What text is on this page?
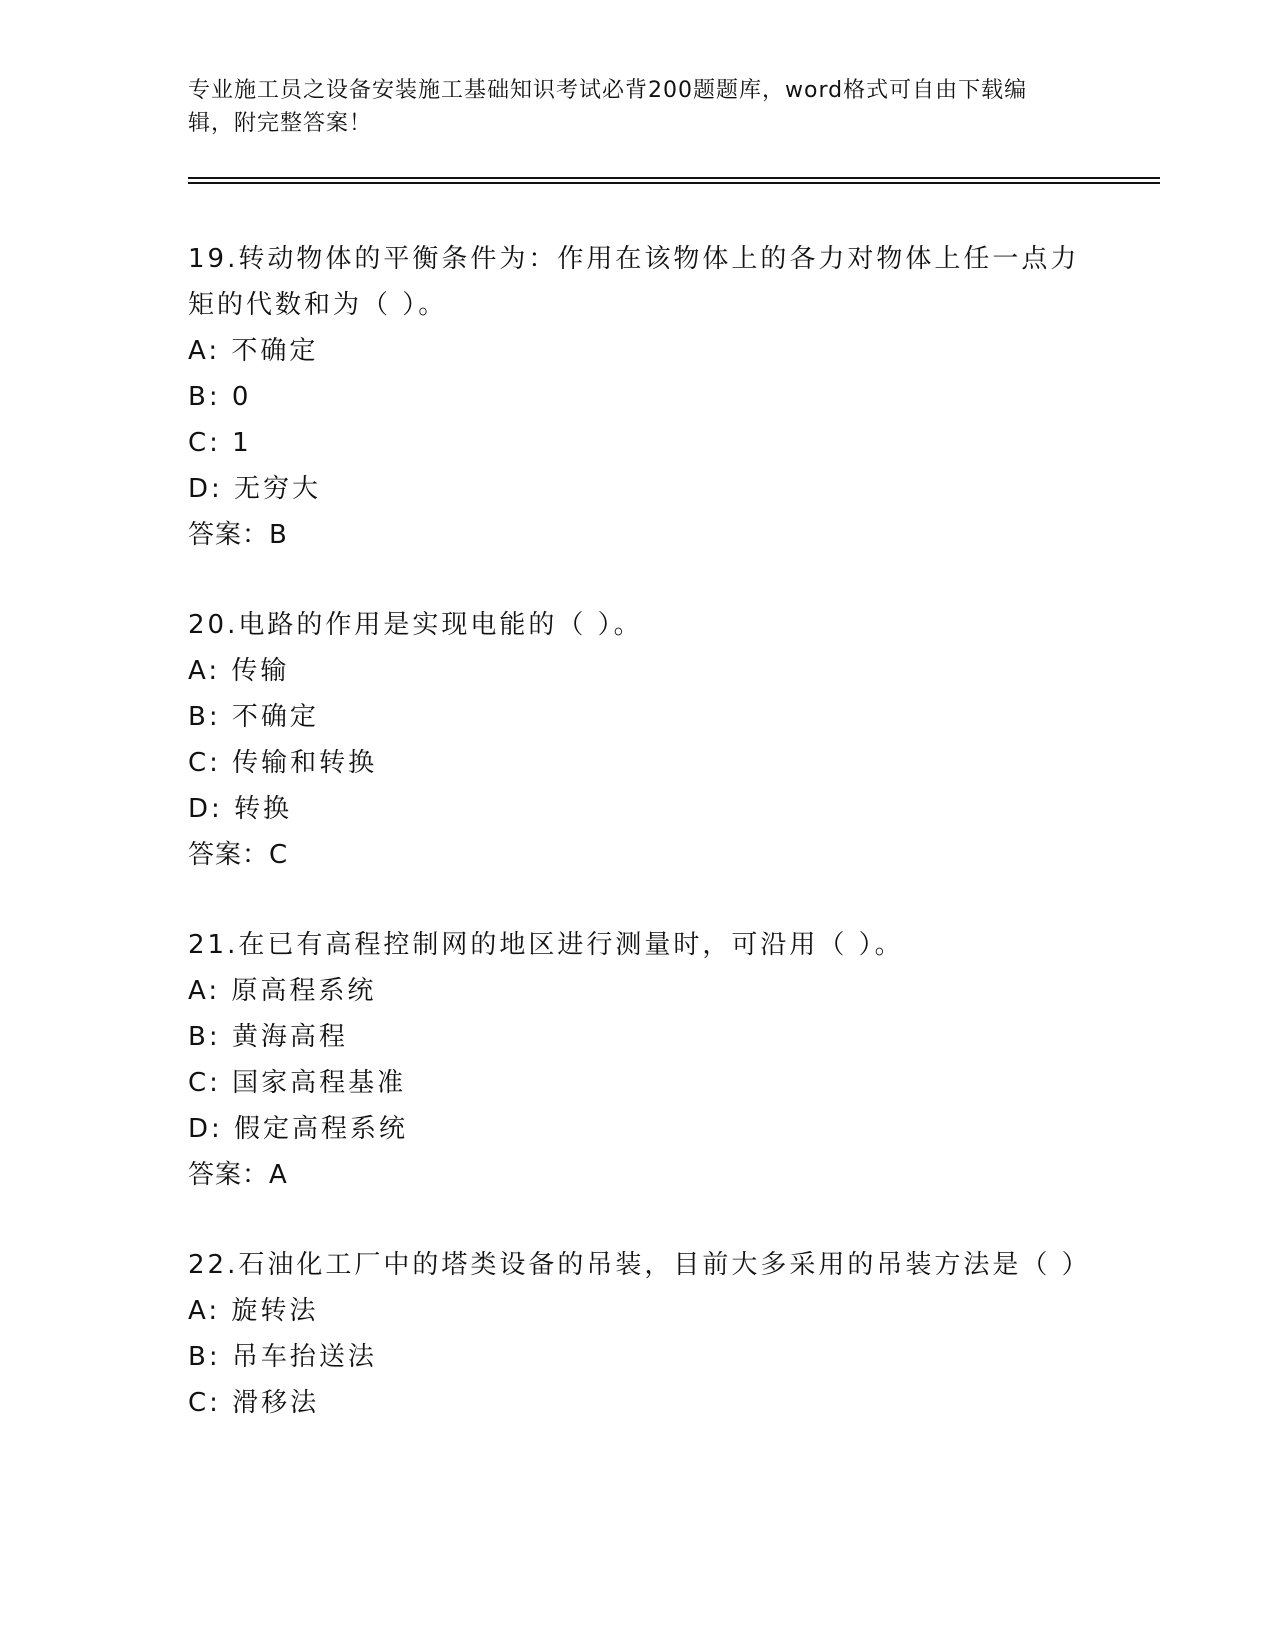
专业施工员之设备安装施工基础知识考试必背200题题库，word格式可自由下载编辑，附完整答案！

19.转动物体的平衡条件为：作用在该物体上的各力对物体上任一点力矩的代数和为（ ）。

A: 不确定

B: 0

C: 1

D: 无穷大

答案：B

20.电路的作用是实现电能的（ ）。

A: 传输

B: 不确定

C: 传输和转换

D: 转换

答案：C

21.在已有高程控制网的地区进行测量时，可沿用（ ）。

A: 原高程系统

B: 黄海高程

C: 国家高程基准

D: 假定高程系统

答案：A

22.石油化工厂中的塔类设备的吊装，目前大多采用的吊装方法是（ ）

A: 旋转法

B: 吊车抬送法

C: 滑移法
